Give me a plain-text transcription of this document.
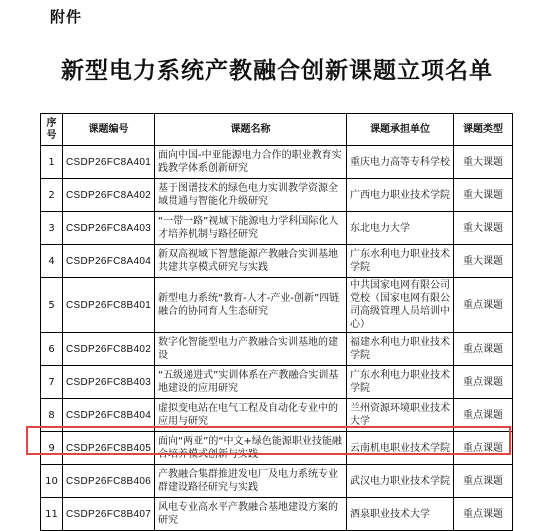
附件
新型电力系统产教融合创新课题立项名单
序号	课题编号	课题名称	课题承担单位	课题类型
1	CSDP26FC8A401	面向中国-中亚能源电力合作的职业教育实践教学体系创新研究	重庆电力高等专科学校	重大课题
2	CSDP26FC8A402	基于图谱技术的绿色电力实训教学资源全域贯通与智能化升级研究	广西电力职业技术学院	重大课题
3	CSDP26FC8A403	“一带一路”视域下能源电力学科国际化人才培养机制与路径研究	东北电力大学	重大课题
4	CSDP26FC8A404	新双高视域下智慧能源产教融合实训基地共建共享模式研究与实践	广东水利电力职业技术学院	重大课题
5	CSDP26FC8B401	新型电力系统“教育-人才-产业-创新”四链融合的协同育人生态研究	中共国家电网有限公司党校（国家电网有限公司高级管理人员培训中心）	重点课题
6	CSDP26FC8B402	数字化智能型电力产教融合实训基地的建设	福建水利电力职业技术学院	重点课题
7	CSDP26FC8B403	“五级递进式”实训体系在产教融合实训基地建设的应用研究	广东水利电力职业技术学院	重点课题
8	CSDP26FC8B404	虚拟变电站在电气工程及自动化专业中的应用与研究	兰州资源环境职业技术大学	重点课题
9	CSDP26FC8B405	面向“两亚”的“中文+绿色能源职业技能融合培养模式创新与实践	云南机电职业技术学院	重点课题
10	CSDP26FC8B406	产教融合集群推进发电厂及电力系统专业群建设路径研究与实践	武汉电力职业技术学院	重点课题
11	CSDP26FC8B407	风电专业高水平产教融合基地建设方案的研究	酒泉职业技术大学	重点课题
